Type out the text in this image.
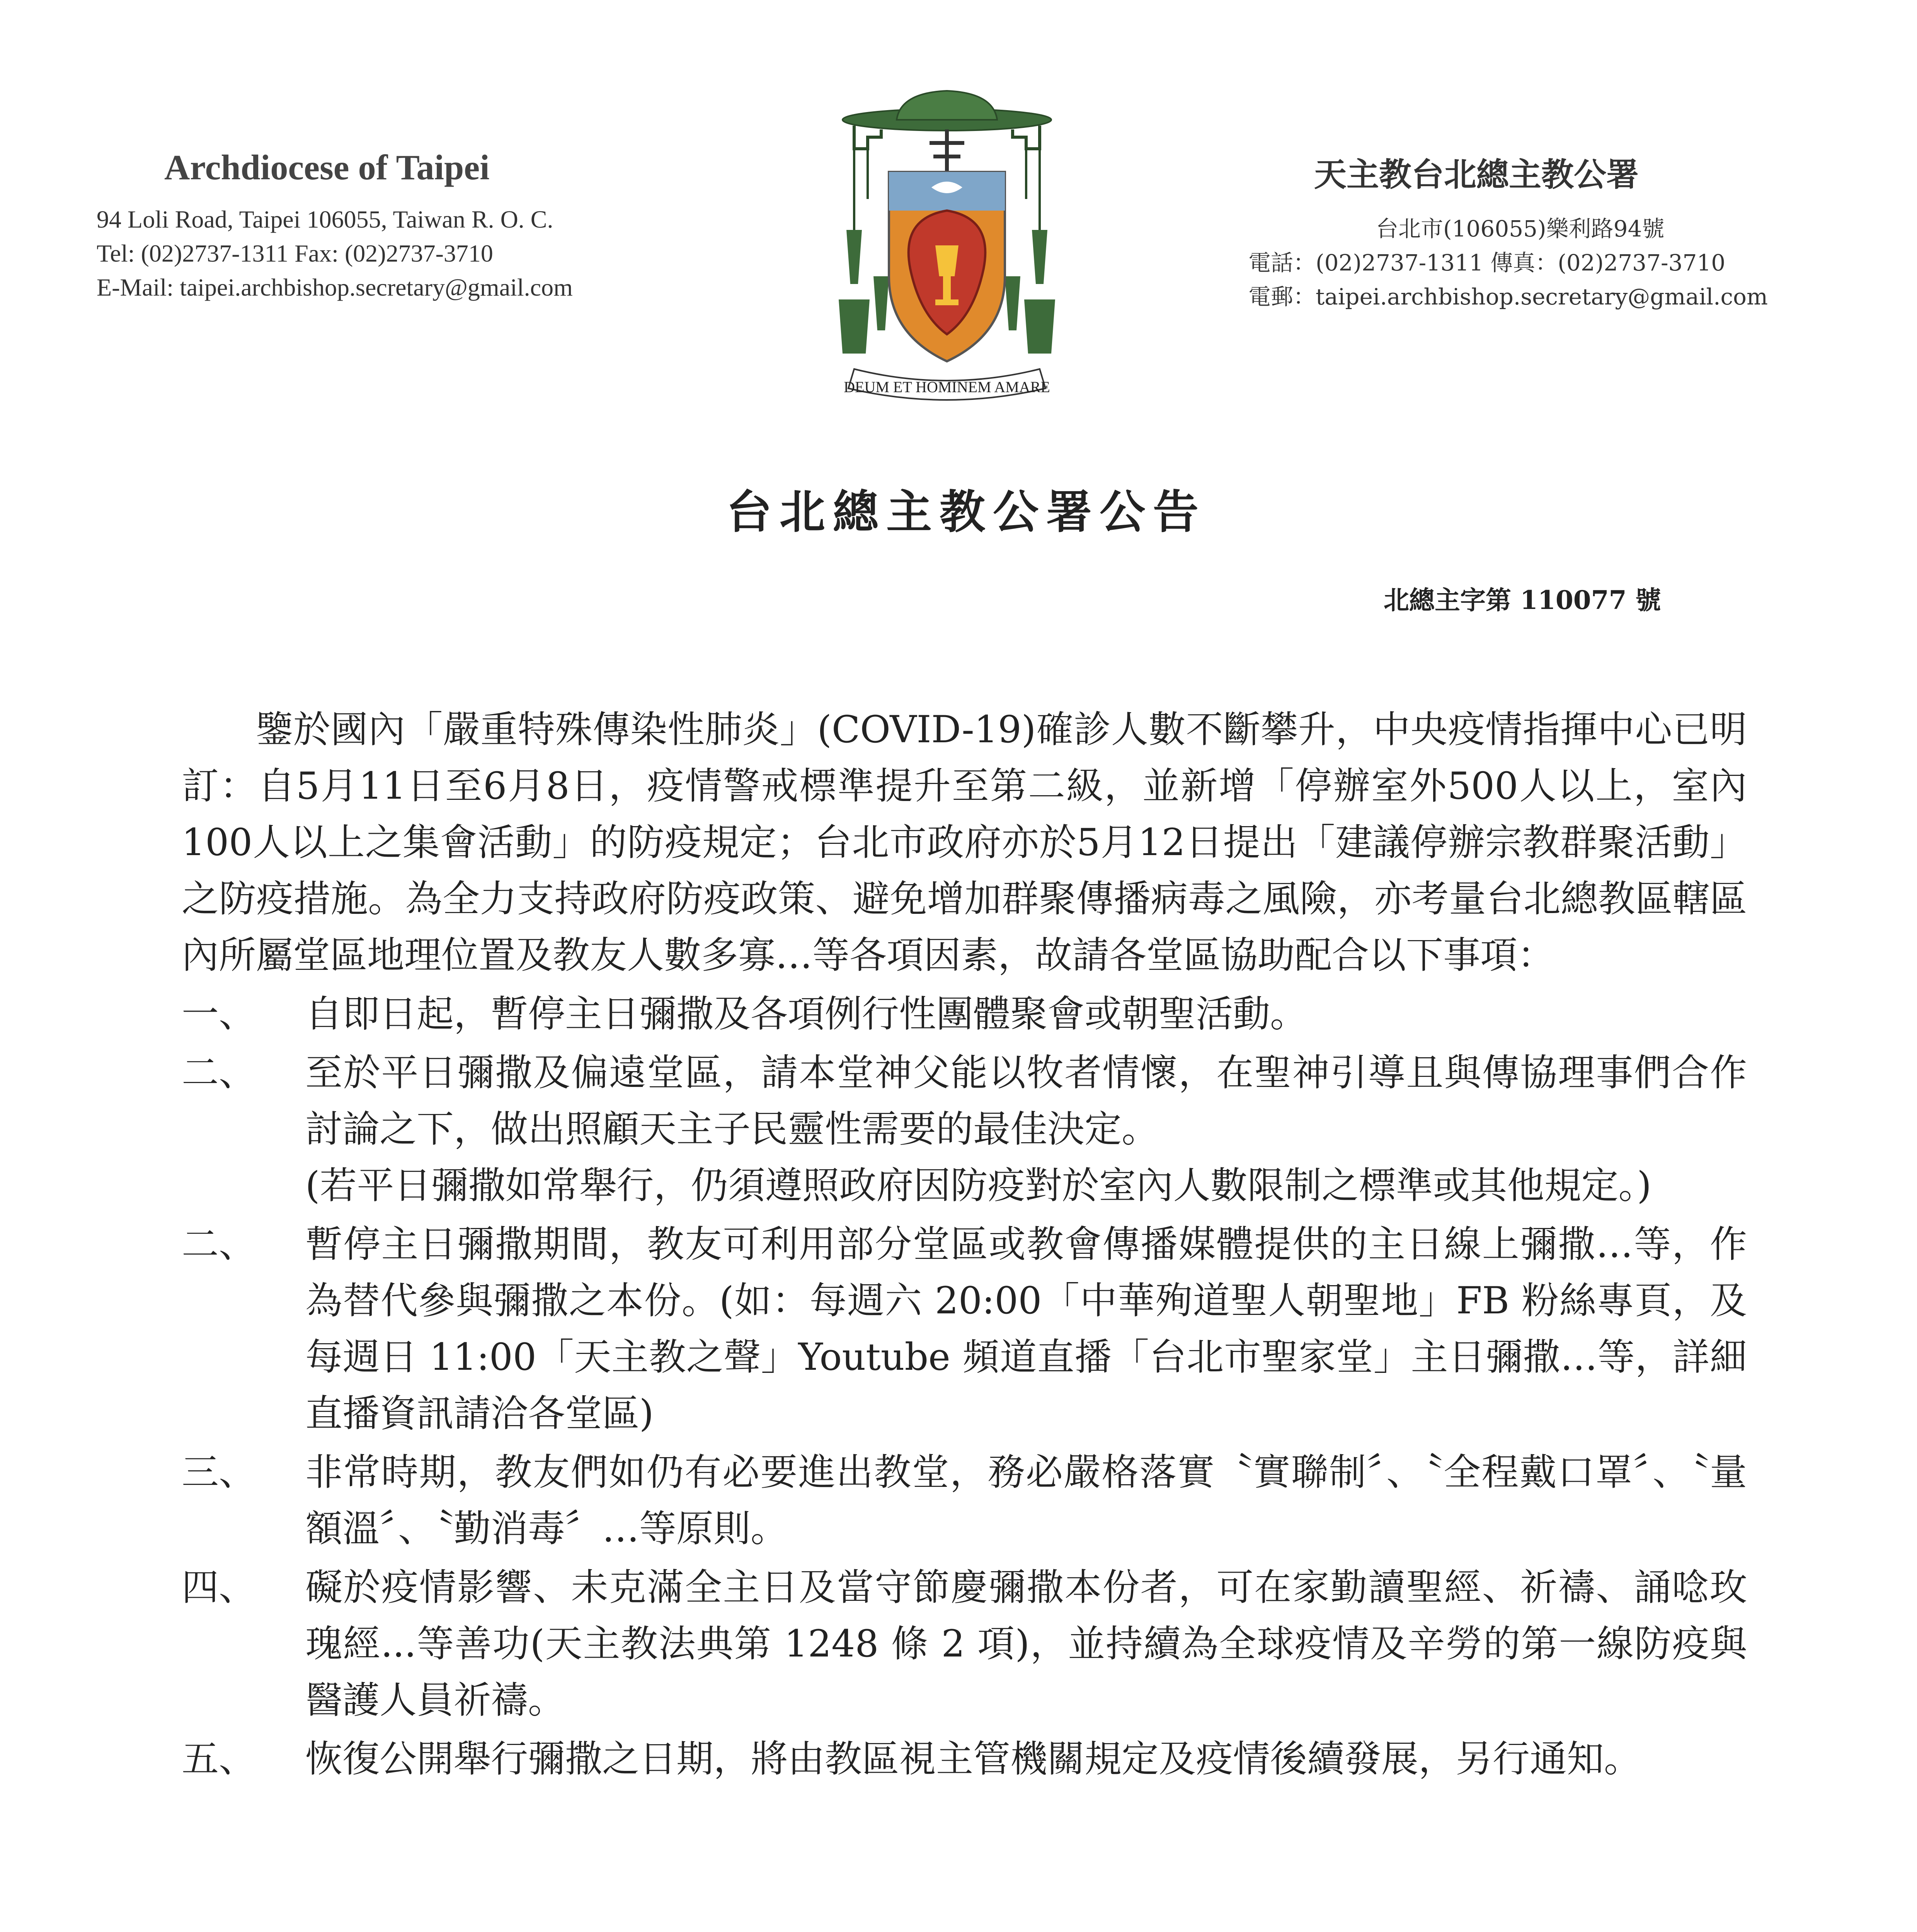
Archdiocese of Taipei
94 Loli Road, Taipei 106055, Taiwan R. O. C.
Tel: (02)2737-1311 Fax: (02)2737-3710
E-Mail: taipei.archbishop.secretary@gmail.com
DEUM ET HOMINEM AMARE
天主教台北總主教公署
台北市(106055)樂利路94號
電話：(02)2737-1311 傳真：(02)2737-3710
電郵：taipei.archbishop.secretary@gmail.com
台北總主教公署公告
北總主字第 110077 號

鑒於國內「嚴重特殊傳染性肺炎」(COVID-19)確診人數不斷攀升，中央疫情指揮中心已明訂：自5月11日至6月8日，疫情警戒標準提升至第二級，並新增「停辦室外500人以上，室內100人以上之集會活動」的防疫規定；台北市政府亦於5月12日提出「建議停辦宗教群聚活動」之防疫措施。為全力支持政府防疫政策、避免增加群聚傳播病毒之風險，亦考量台北總教區轄區內所屬堂區地理位置及教友人數多寡…等各項因素，故請各堂區協助配合以下事項：

一、	自即日起，暫停主日彌撒及各項例行性團體聚會或朝聖活動。
二、	至於平日彌撒及偏遠堂區，請本堂神父能以牧者情懷，在聖神引導且與傳協理事們合作討論之下，做出照顧天主子民靈性需要的最佳決定。
(若平日彌撒如常舉行，仍須遵照政府因防疫對於室內人數限制之標準或其他規定。)
二、	暫停主日彌撒期間，教友可利用部分堂區或教會傳播媒體提供的主日線上彌撒…等，作為替代參與彌撒之本份。(如：每週六 20:00「中華殉道聖人朝聖地」FB 粉絲專頁，及每週日 11:00「天主教之聲」Youtube 頻道直播「台北市聖家堂」主日彌撒…等，詳細直播資訊請洽各堂區)
三、	非常時期，教友們如仍有必要進出教堂，務必嚴格落實〝實聯制〞、〝全程戴口罩〞、〝量額溫〞、〝勤消毒〞…等原則。
四、	礙於疫情影響、未克滿全主日及當守節慶彌撒本份者，可在家勤讀聖經、祈禱、誦唸玫瑰經...等善功(天主教法典第 1248 條 2 項)，並持續為全球疫情及辛勞的第一線防疫與醫護人員祈禱。
五、	恢復公開舉行彌撒之日期，將由教區視主管機關規定及疫情後續發展，另行通知。
